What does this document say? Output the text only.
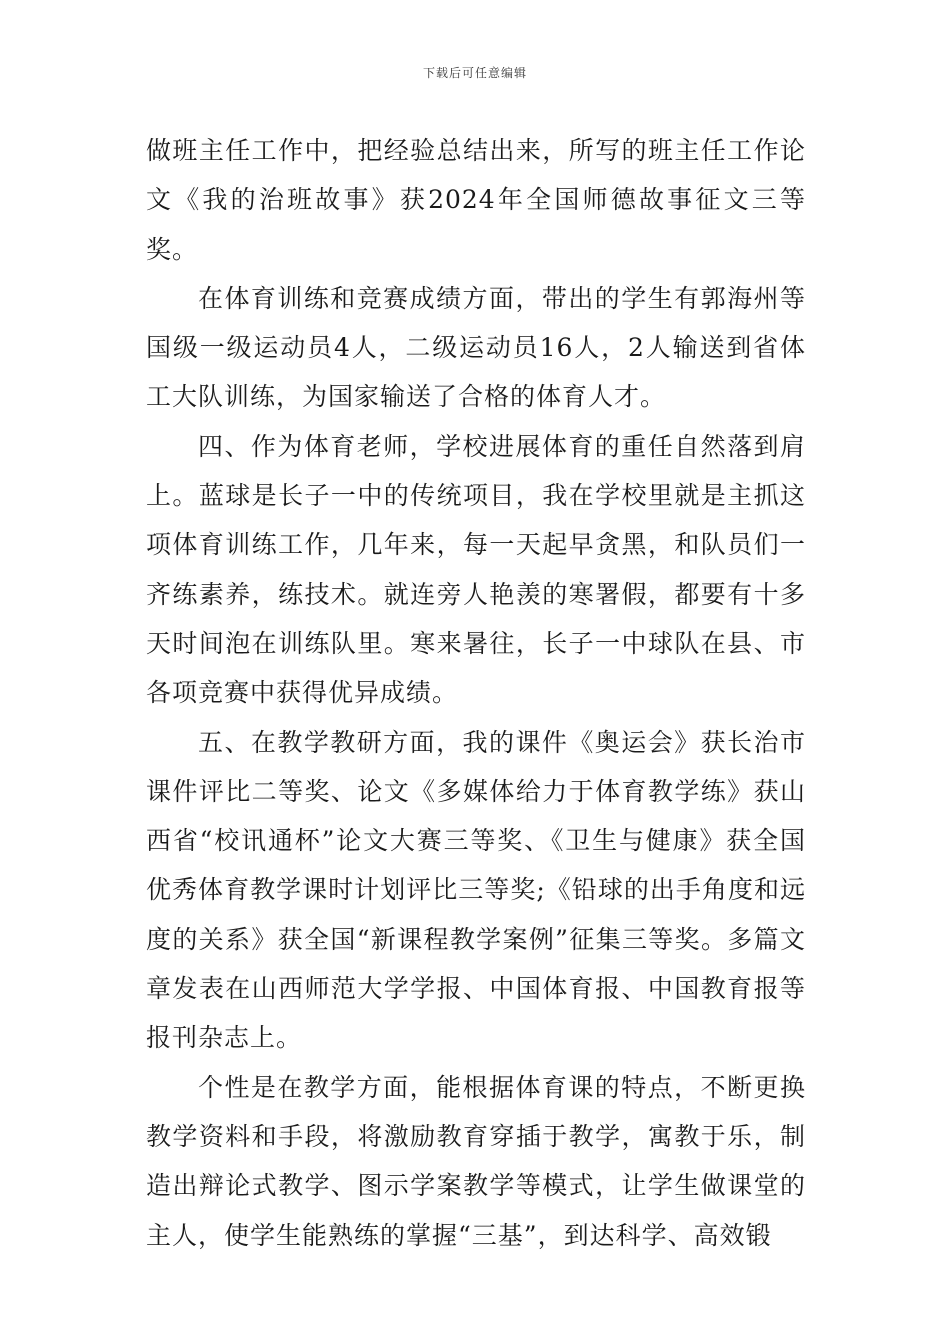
下载后可任意编辑

做班主任工作中，把经验总结出来，所写的班主任工作论文《我的治班故事》获2024年全国师德故事征文三等奖。

在体育训练和竞赛成绩方面，带出的学生有郭海州等国级一级运动员4人，二级运动员16人，2人输送到省体工大队训练，为国家输送了合格的体育人才。

四、作为体育老师，学校进展体育的重任自然落到肩上。蓝球是长子一中的传统项目，我在学校里就是主抓这项体育训练工作，几年来，每一天起早贪黑，和队员们一齐练素养，练技术。就连旁人艳羡的寒署假，都要有十多天时间泡在训练队里。寒来暑往，长子一中球队在县、市各项竞赛中获得优异成绩。

五、在教学教研方面，我的课件《奥运会》获长治市课件评比二等奖、论文《多媒体给力于体育教学练》获山西省“校讯通杯”论文大赛三等奖、《卫生与健康》获全国优秀体育教学课时计划评比三等奖;《铅球的出手角度和远度的关系》获全国“新课程教学案例”征集三等奖。多篇文章发表在山西师范大学学报、中国体育报、中国教育报等报刊杂志上。

个性是在教学方面，能根据体育课的特点，不断更换教学资料和手段，将激励教育穿插于教学，寓教于乐，制造出辩论式教学、图示学案教学等模式，让学生做课堂的主人，使学生能熟练的掌握“三基”，到达科学、高效锻
